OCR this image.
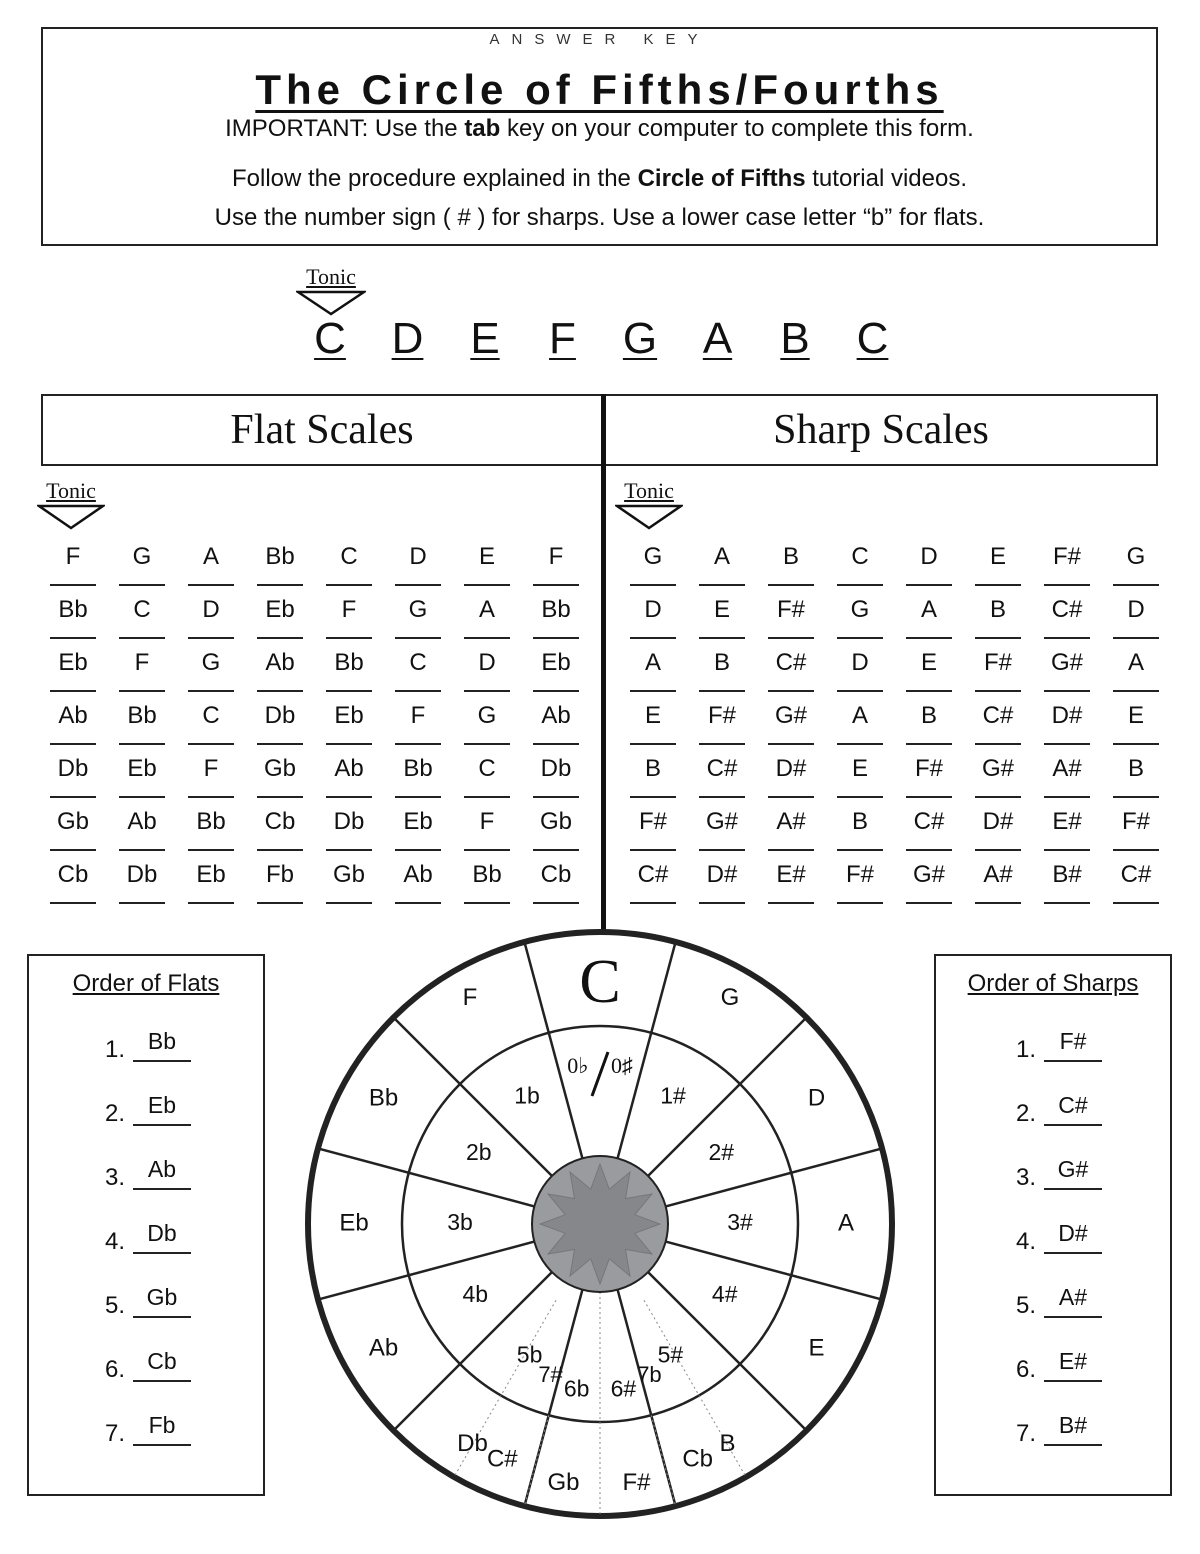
ANSWER KEY
The Circle of Fifths/Fourths
IMPORTANT: Use the tab key on your computer to complete this form.
Follow the procedure explained in the Circle of Fifths tutorial videos.
Use the number sign ( # ) for sharps. Use a lower case letter “b” for flats.
Tonic
C D E F G A B C
Flat Scales	Sharp Scales
Tonic	Tonic
F	G	A	Bb	C	D	E	F
Bb	C	D	Eb	F	G	A	Bb
Eb	F	G	Ab	Bb	C	D	Eb
Ab	Bb	C	Db	Eb	F	G	Ab
Db	Eb	F	Gb	Ab	Bb	C	Db
Gb	Ab	Bb	Cb	Db	Eb	F	Gb
Cb	Db	Eb	Fb	Gb	Ab	Bb	Cb
G	A	B	C	D	E	F#	G
D	E	F#	G	A	B	C#	D
A	B	C#	D	E	F#	G#	A
E	F#	G#	A	B	C#	D#	E
B	C#	D#	E	F#	G#	A#	B
F#	G#	A#	B	C#	D#	E#	F#
C#	D#	E#	F#	G#	A#	B#	C#
Order of Flats
1. Bb
2. Eb
3. Ab
4. Db
5. Gb
6. Cb
7.	Fb
Order of Sharps
1.	F#
2. C#
3. G#
4. D#
5. A#
6. E#
7. B#
C
0♭ 0♯
G
D
A
E
B
F#
Gb
Db
Ab
Eb
Bb
F
Cb
C#
1#
2#
3#
4#
5#
6#
6b
5b
4b
3b
2b
1b
7b
7#
